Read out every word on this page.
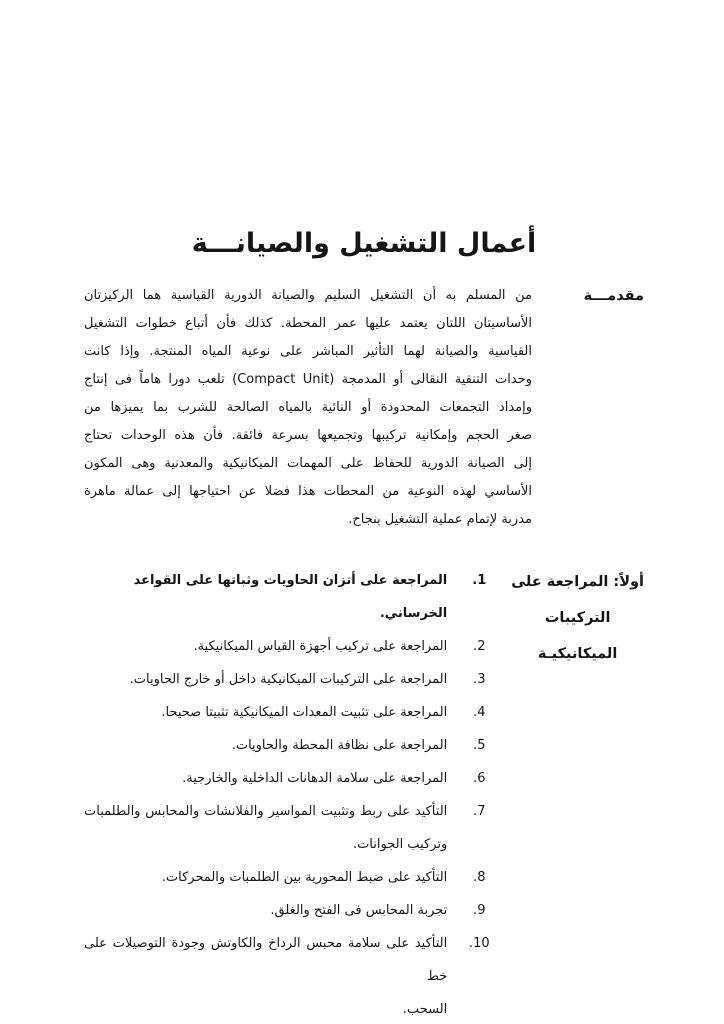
أعمال التشغيل والصيانـــة
مقدمـــة
من المسلم به أن التشغيل السليم والصيانة الدورية القياسية هما الركيزتان
الأساسيتان اللتان يعتمد عليها عمر المحطة. كذلك فأن أتباع خطوات التشغيل
القياسية والصيانة لهما التأثير المباشر على نوعية المياه المنتجة. وإذا كانت
وحدات التنقية النقالى أو المدمجة (Compact Unit) تلعب دورا هاماً فى إنتاج
وإمداد التجمعات المحدودة أو النائية بالمياه الصالحة للشرب بما يميزها من
صغر الحجم وإمكانية تركيبها وتجميعها بسرعة فائقة. فأن هذه الوحدات تحتاج
إلى الصيانة الدورية للحفاظ على المهمات الميكانيكية والمعدنية وهى المكون
الأساسي لهذه النوعية من المحطات هذا فضلا عن احتياجها إلى عمالة ماهرة
مدربة لإتمام عملية التشغيل بنجاح.
أولاً: المراجعة على
التركيبات
الميكانيكيـة
1.
المراجعة على أتزان الحاويات وثباتها على القواعد الخرساني.
2.
المراجعة على تركيب أجهزة القياس الميكانيكية.
3.
المراجعة على التركيبات الميكانيكية داخل أو خارج الحاويات.
4.
المراجعة على تثبيت المعدات الميكانيكية تثبيتا صحيحا.
5.
المراجعة على نظافة المحطة والحاويات.
6.
المراجعة على سلامة الدهانات الداخلية والخارجية.
7.
التأكيد على ربط وتثبيت المواسير والفلانشات والمحابس والطلمبات
وتركيب الجوانات.
8.
التأكيد على ضبط المحورية بين الطلمبات والمحركات.
9.
تجربة المحابس فى الفتح والغلق.
10.
التأكيد على سلامة محبس الرداخ والكاوتش وجودة التوصيلات على خط
السحب.
